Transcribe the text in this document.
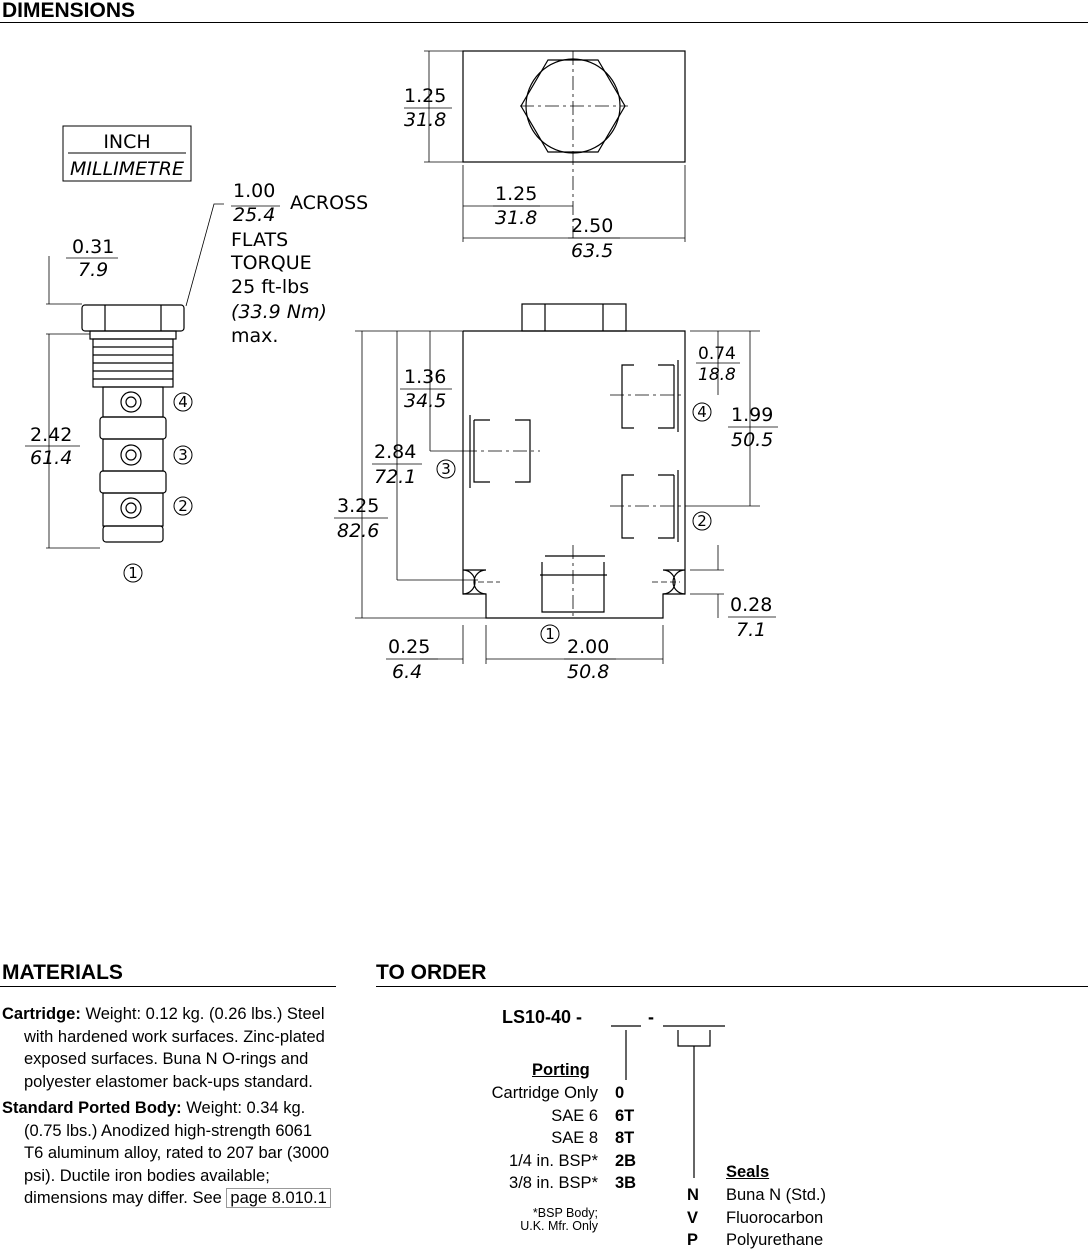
DIMENSIONS
INCH
MILLIMETRE
0.31
7.9
2.42
61.4
1.00
25.4
ACROSS
FLATS
TORQUE
25 ft-lbs
(33.9 Nm)
max.
4
3
2
1
1.25
31.8
1.25
31.8 2.50
63.5
1.36
34.5
2.84
72.1
3.25
82.6
3
0.74
18.8
1.99
50.5
0.28
7.1
4
2
0.25
6.4
2.00
50.8
1
MATERIALS

Cartridge: Weight: 0.12 kg. (0.26 lbs.) Steel with hardened work surfaces. Zinc-plated exposed surfaces. Buna N O-rings and polyester elastomer back-ups standard.

Standard Ported Body: Weight: 0.34 kg. (0.75 lbs.) Anodized high-strength 6061 T6 aluminum alloy, rated to 207 bar (3000 psi). Ductile iron bodies available; dimensions may differ. See page 8.010.1

TO ORDER
LS10-40 -	-
Porting
Cartridge Only
SAE 6
SAE 8
1/4 in. BSP*
3/8 in. BSP*
0
6T
8T
2B
3B
*BSP Body;
U.K. Mfr. Only
Seals
N
V
P
Buna N (Std.)
Fluorocarbon
Polyurethane
